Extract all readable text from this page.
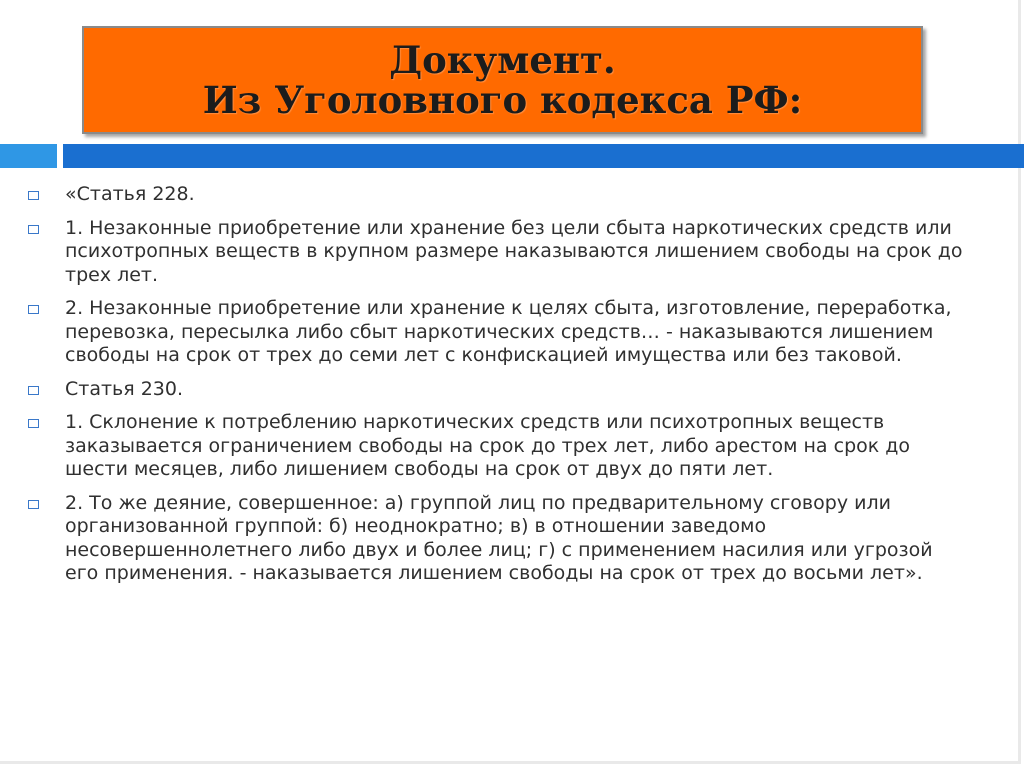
Документ.
Из Уголовного кодекса РФ:
«Статья 228.
1. Незаконные приобретение или хранение без цели сбыта наркотических средств или психотропных веществ в крупном размере наказываются лишением свободы на срок до трех лет.
2. Незаконные приобретение или хранение к целях сбыта, изготовление, переработка, перевозка, пересылка либо сбыт наркотических средств… - наказываются лишением свободы на срок от трех до семи лет с конфискацией имущества или без таковой.
Статья 230.
1. Склонение к потреблению наркотических средств или психотропных веществ заказывается ограничением свободы на срок до трех лет, либо арестом на срок до шести месяцев, либо лишением свободы на срок от двух до пяти лет.
2. То же деяние, совершенное: а) группой лиц по предварительному сговору или организованной группой: б) неоднократно; в) в отношении заведомо несовершеннолетнего либо двух и более лиц; г) с применением насилия или угрозой его применения. - наказывается лишением свободы на срок от трех до восьми лет».
